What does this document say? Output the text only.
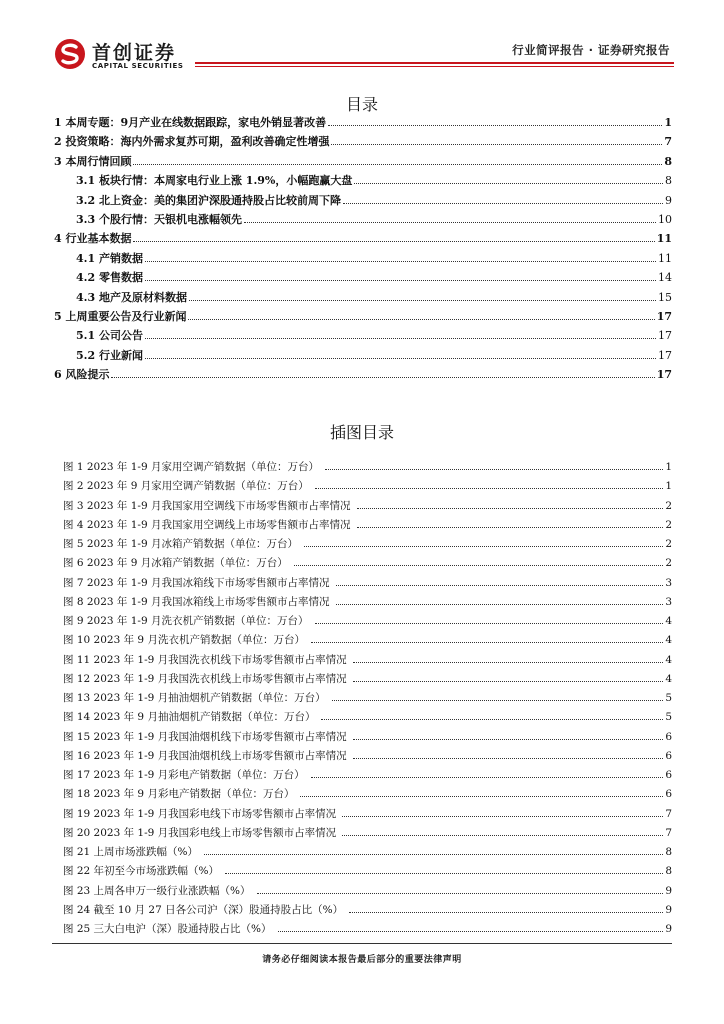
首创证券
CAPITAL SECURITIES
行业简评报告 · 证券研究报告
目录
1 本周专题：9月产业在线数据跟踪，家电外销显著改善	1
2 投资策略：海内外需求复苏可期，盈利改善确定性增强	7
3 本周行情回顾	8
3.1 板块行情：本周家电行业上涨 1.9%，小幅跑赢大盘	8
3.2 北上资金：美的集团沪深股通持股占比较前周下降	9
3.3 个股行情：天银机电涨幅领先	10
4 行业基本数据	11
4.1 产销数据	11
4.2 零售数据	14
4.3 地产及原材料数据	15
5 上周重要公告及行业新闻	17
5.1 公司公告	17
5.2 行业新闻	17
6 风险提示	17
插图目录
图 1 2023 年 1-9 月家用空调产销数据（单位：万台）	1
图 2 2023 年 9 月家用空调产销数据（单位：万台）	1
图 3 2023 年 1-9 月我国家用空调线下市场零售额市占率情况	2
图 4 2023 年 1-9 月我国家用空调线上市场零售额市占率情况	2
图 5 2023 年 1-9 月冰箱产销数据（单位：万台）	2
图 6 2023 年 9 月冰箱产销数据（单位：万台）	2
图 7 2023 年 1-9 月我国冰箱线下市场零售额市占率情况	3
图 8 2023 年 1-9 月我国冰箱线上市场零售额市占率情况	3
图 9 2023 年 1-9 月洗衣机产销数据（单位：万台）	4
图 10 2023 年 9 月洗衣机产销数据（单位：万台）	4
图 11 2023 年 1-9 月我国洗衣机线下市场零售额市占率情况	4
图 12 2023 年 1-9 月我国洗衣机线上市场零售额市占率情况	4
图 13 2023 年 1-9 月抽油烟机产销数据（单位：万台）	5
图 14 2023 年 9 月抽油烟机产销数据（单位：万台）	5
图 15 2023 年 1-9 月我国油烟机线下市场零售额市占率情况	6
图 16 2023 年 1-9 月我国油烟机线上市场零售额市占率情况	6
图 17 2023 年 1-9 月彩电产销数据（单位：万台）	6
图 18 2023 年 9 月彩电产销数据（单位：万台）	6
图 19 2023 年 1-9 月我国彩电线下市场零售额市占率情况	7
图 20 2023 年 1-9 月我国彩电线上市场零售额市占率情况	7
图 21 上周市场涨跌幅（%）	8
图 22 年初至今市场涨跌幅（%）	8
图 23 上周各申万一级行业涨跌幅（%）	9
图 24 截至 10 月 27 日各公司沪（深）股通持股占比（%）	9
图 25 三大白电沪（深）股通持股占比（%）	9
请务必仔细阅读本报告最后部分的重要法律声明
